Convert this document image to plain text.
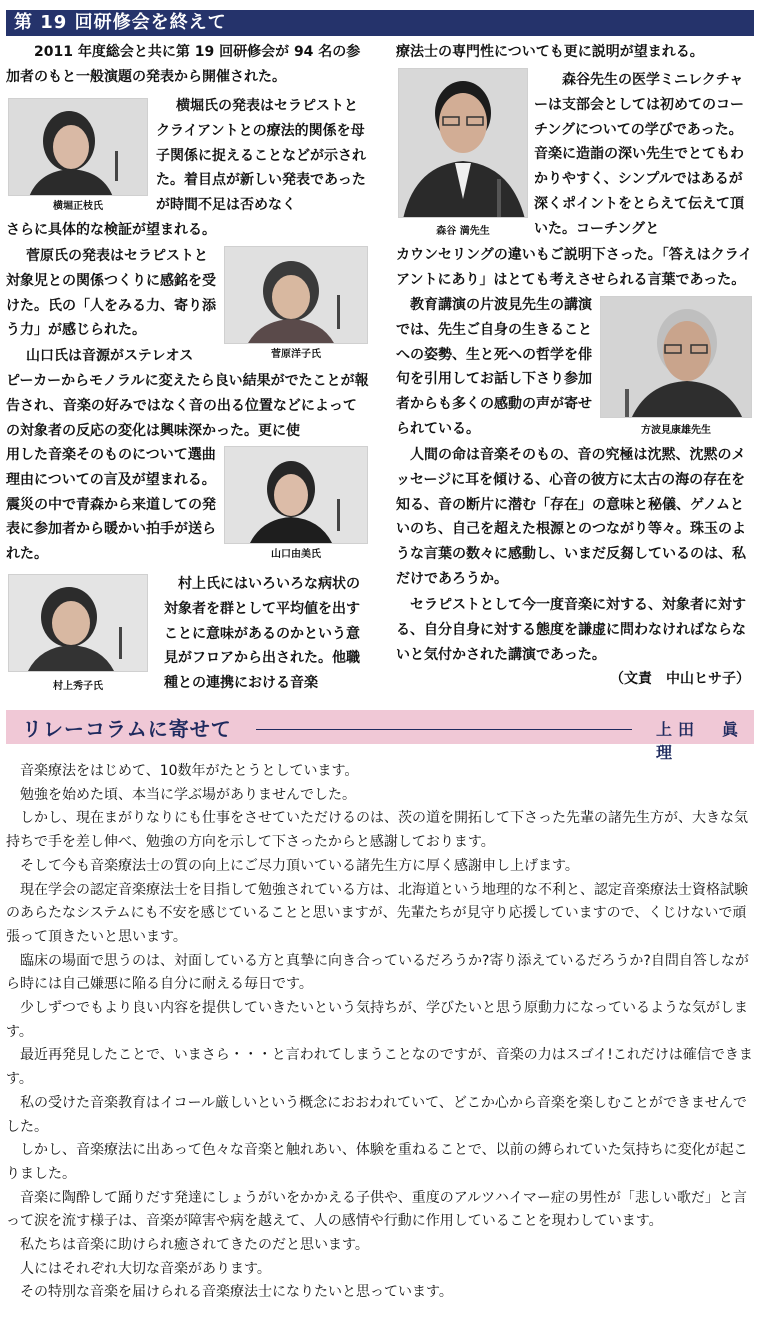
第 19 回研修会を終えて
2011 年度総会と共に第 19 回研修会が 94 名の参加者のもと一般演題の発表から開催された。
横堀正枝氏
横堀氏の発表はセラピストとクライアントとの療法的関係を母子関係に捉えることなどが示された。着目点が新しい発表であったが時間不足は否めなく
さらに具体的な検証が望まれる。
菅原氏の発表はセラピストと対象児との関係つくりに感銘を受けた。氏の「人をみる力、寄り添う力」が感じられた。
菅原洋子氏
山口氏は音源がステレオス
ピーカーからモノラルに変えたら良い結果がでたことが報告され、音楽の好みではなく音の出る位置などによっての対象者の反応の変化は興味深かった。更に使
用した音楽そのものについて選曲理由についての言及が望まれる。震災の中で青森から来道しての発表に参加者から暖かい拍手が送られた。	山口由美氏
村上秀子氏
村上氏にはいろいろな病状の対象者を群として平均値を出すことに意味があるのかという意見がフロアから出された。他職種との連携における音楽
療法士の専門性についても更に説明が望まれる。
森谷 満先生
森谷先生の医学ミニレクチャーは支部会としては初めてのコーチングについての学びであった。音楽に造詣の深い先生でとてもわかりやすく、シンプルではあるが深くポイントをとらえて伝えて頂いた。コーチングと
カウンセリングの違いもご説明下さった。「答えはクライアントにあり」はとても考えさせられる言葉であった。
教育講演の片波見先生の講演では、先生ご自身の生きることへの姿勢、生と死への哲学を俳句を引用してお話し下さり参加者からも多くの感動の声が寄せられている。	方波見康雄先生
人間の命は音楽そのもの、音の究極は沈黙、沈黙のメッセージに耳を傾ける、心音の彼方に太古の海の存在を知る、音の断片に潜む「存在」の意味と秘儀、ゲノムといのち、自己を超えた根源とのつながり等々。珠玉のような言葉の数々に感動し、いまだ反芻しているのは、私だけであろうか。
セラピストとして今一度音楽に対する、対象者に対する、自分自身に対する態度を謙虚に問わなければならないと気付かされた講演であった。
（文責　中山ヒサ子）
リレーコラムに寄せて	上田　眞理

音楽療法をはじめて、10数年がたとうとしています。

勉強を始めた頃、本当に学ぶ場がありませんでした。

しかし、現在まがりなりにも仕事をさせていただけるのは、茨の道を開拓して下さった先輩の諸先生方が、大きな気持ちで手を差し伸べ、勉強の方向を示して下さったからと感謝しております。

そして今も音楽療法士の質の向上にご尽力頂いている諸先生方に厚く感謝申し上げます。

現在学会の認定音楽療法士を目指して勉強されている方は、北海道という地理的な不利と、認定音楽療法士資格試験のあらたなシステムにも不安を感じていることと思いますが、先輩たちが見守り応援していますので、くじけないで頑張って頂きたいと思います。

臨床の場面で思うのは、対面している方と真摯に向き合っているだろうか?寄り添えているだろうか?自問自答しながら時には自己嫌悪に陥る自分に耐える毎日です。

少しずつでもより良い内容を提供していきたいという気持ちが、学びたいと思う原動力になっているような気がします。

最近再発見したことで、いまさら・・・と言われてしまうことなのですが、音楽の力はスゴイ!これだけは確信できます。

私の受けた音楽教育はイコール厳しいという概念におおわれていて、どこか心から音楽を楽しむことができませんでした。

しかし、音楽療法に出あって色々な音楽と触れあい、体験を重ねることで、以前の縛られていた気持ちに変化が起こりました。

音楽に陶酔して踊りだす発達にしょうがいをかかえる子供や、重度のアルツハイマー症の男性が「悲しい歌だ」と言って涙を流す様子は、音楽が障害や病を越えて、人の感情や行動に作用していることを現わしています。

私たちは音楽に助けられ癒されてきたのだと思います。

人にはそれぞれ大切な音楽があります。

その特別な音楽を届けられる音楽療法士になりたいと思っています。
